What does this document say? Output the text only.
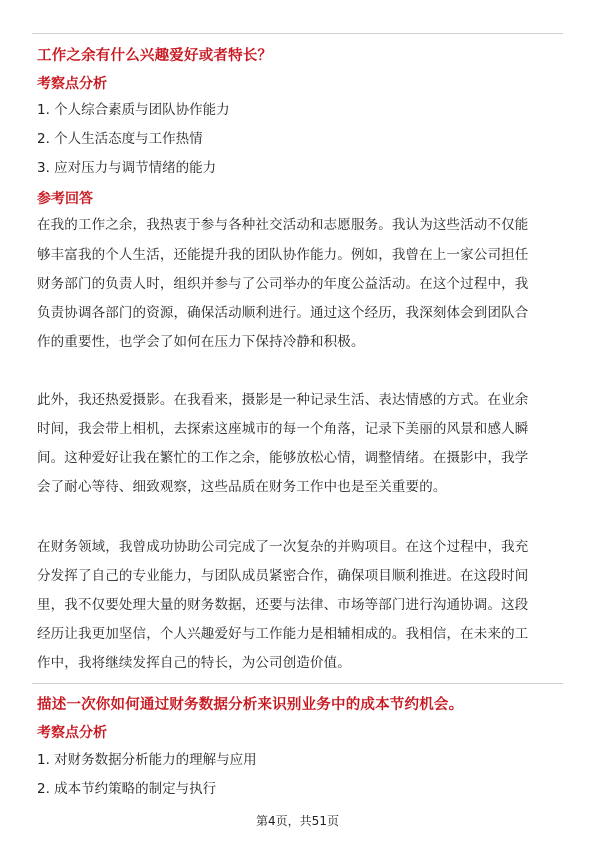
工作之余有什么兴趣爱好或者特长？
考察点分析
1. 个人综合素质与团队协作能力
2. 个人生活态度与工作热情
3. 应对压力与调节情绪的能力
参考回答
在我的工作之余，我热衷于参与各种社交活动和志愿服务。我认为这些活动不仅能
够丰富我的个人生活，还能提升我的团队协作能力。例如，我曾在上一家公司担任
财务部门的负责人时，组织并参与了公司举办的年度公益活动。在这个过程中，我
负责协调各部门的资源，确保活动顺利进行。通过这个经历，我深刻体会到团队合
作的重要性，也学会了如何在压力下保持冷静和积极。
此外，我还热爱摄影。在我看来，摄影是一种记录生活、表达情感的方式。在业余
时间，我会带上相机，去探索这座城市的每一个角落，记录下美丽的风景和感人瞬
间。这种爱好让我在繁忙的工作之余，能够放松心情，调整情绪。在摄影中，我学
会了耐心等待、细致观察，这些品质在财务工作中也是至关重要的。
在财务领域，我曾成功协助公司完成了一次复杂的并购项目。在这个过程中，我充
分发挥了自己的专业能力，与团队成员紧密合作，确保项目顺利推进。在这段时间
里，我不仅要处理大量的财务数据，还要与法律、市场等部门进行沟通协调。这段
经历让我更加坚信，个人兴趣爱好与工作能力是相辅相成的。我相信，在未来的工
作中，我将继续发挥自己的特长，为公司创造价值。
描述一次你如何通过财务数据分析来识别业务中的成本节约机会。
考察点分析
1. 对财务数据分析能力的理解与应用
2. 成本节约策略的制定与执行
第4页，共51页
